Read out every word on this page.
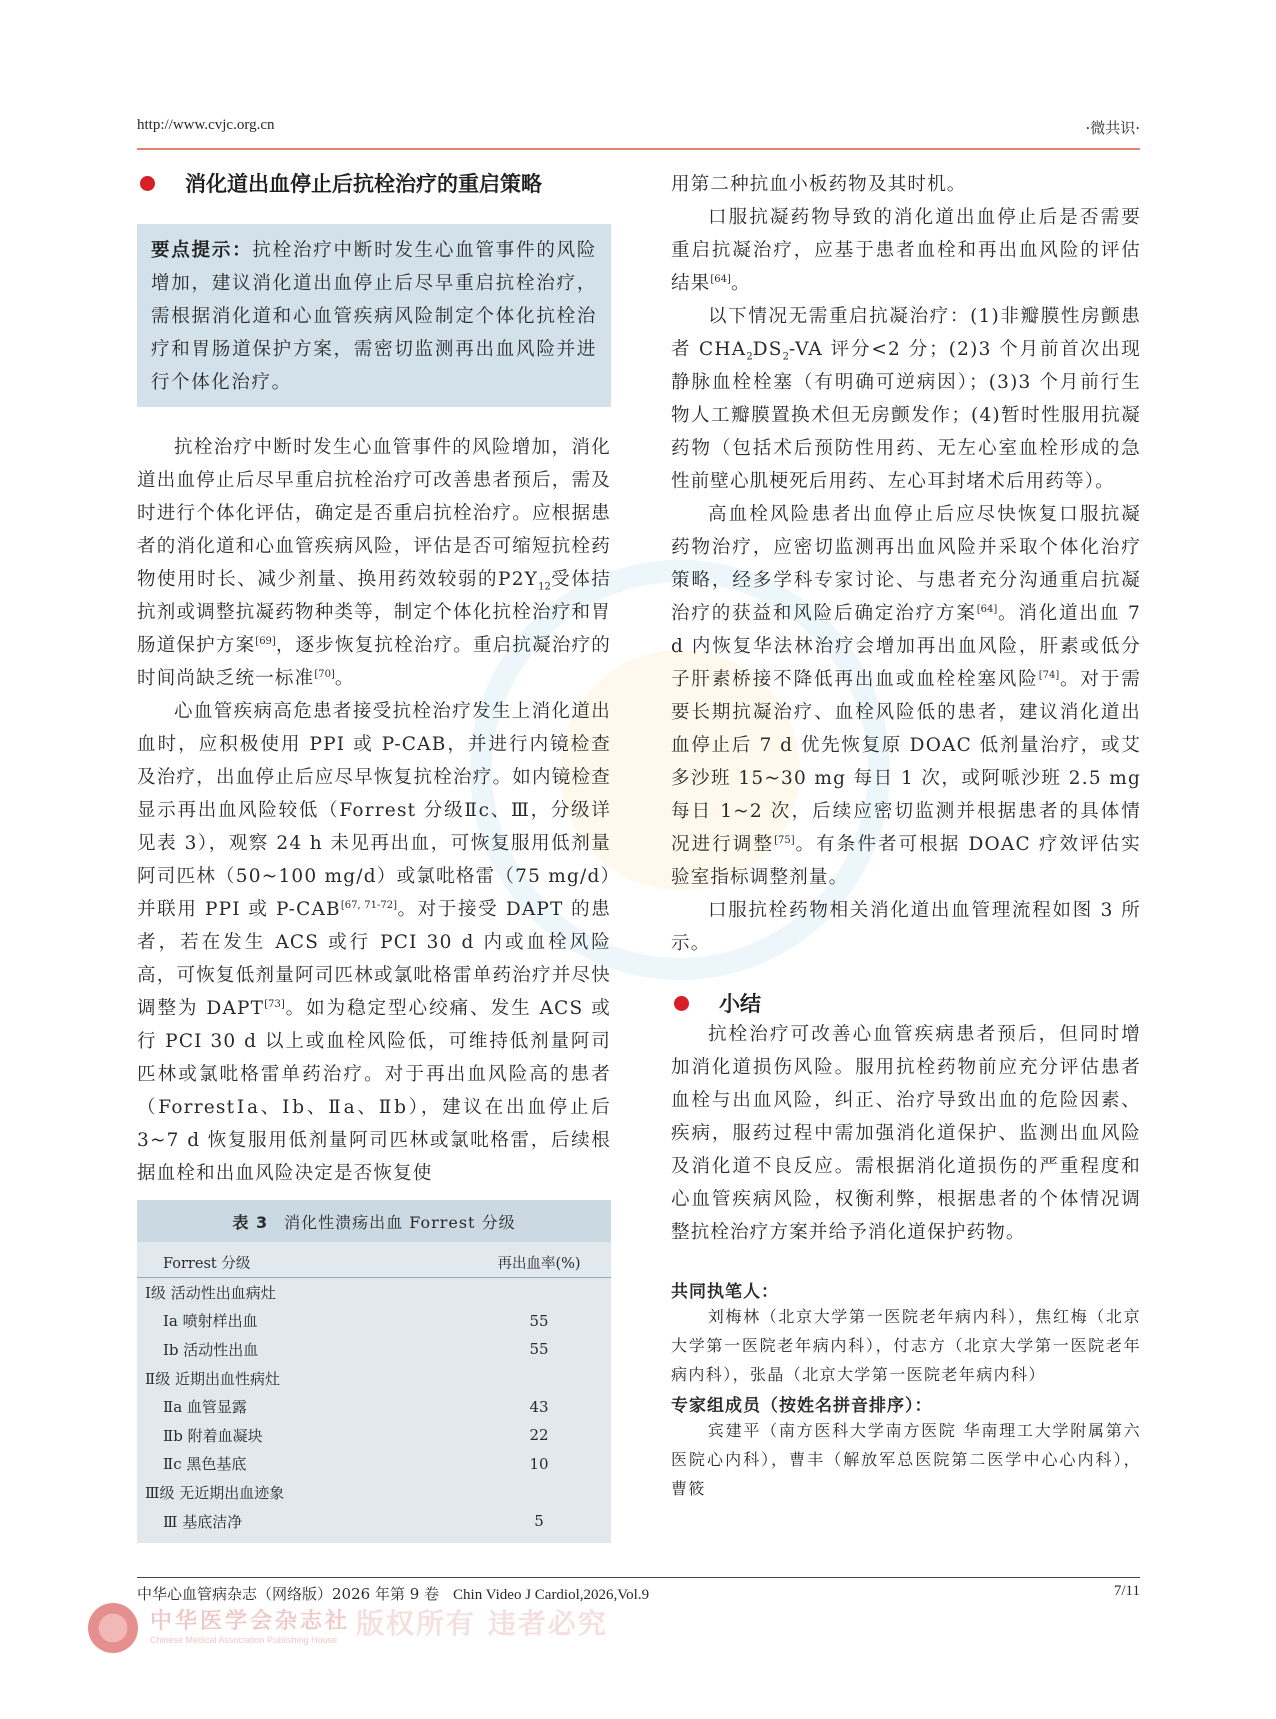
http://www.cvjc.org.cn	·微共识·
消化道出血停止后抗栓治疗的重启策略
要点提示：抗栓治疗中断时发生心血管事件的风险增加，建议消化道出血停止后尽早重启抗栓治疗，需根据消化道和心血管疾病风险制定个体化抗栓治疗和胃肠道保护方案，需密切监测再出血风险并进行个体化治疗。
抗栓治疗中断时发生心血管事件的风险增加，消化道出血停止后尽早重启抗栓治疗可改善患者预后，需及时进行个体化评估，确定是否重启抗栓治疗。应根据患者的消化道和心血管疾病风险，评估是否可缩短抗栓药物使用时长、减少剂量、换用药效较弱的$P2Y_{12}$受体拮抗剂或调整抗凝药物种类等，制定个体化抗栓治疗和胃肠道保护方案[69]，逐步恢复抗栓治疗。重启抗凝治疗的时间尚缺乏统一标准[70]。
心血管疾病高危患者接受抗栓治疗发生上消化道出血时，应积极使用 PPI 或 P-CAB，并进行内镜检查及治疗，出血停止后应尽早恢复抗栓治疗。如内镜检查显示再出血风险较低（Forrest 分级Ⅱc、Ⅲ，分级详见表 3），观察 24 h 未见再出血，可恢复服用低剂量阿司匹林（50~100 mg/d）或氯吡格雷（75 mg/d）并联用 PPI 或 P-CAB[67, 71-72]。对于接受 DAPT 的患者，若在发生 ACS 或行 PCI 30 d 内或血栓风险高，可恢复低剂量阿司匹林或氯吡格雷单药治疗并尽快调整为 DAPT[73]。如为稳定型心绞痛、发生 ACS 或行 PCI 30 d 以上或血栓风险低，可维持低剂量阿司匹林或氯吡格雷单药治疗。对于再出血风险高的患者（ForrestⅠa、Ⅰb、Ⅱa、Ⅱb），建议在出血停止后 3~7 d 恢复服用低剂量阿司匹林或氯吡格雷，后续根据血栓和出血风险决定是否恢复使
表 3 消化性溃疡出血 Forrest 分级
Forrest 分级	再出血率(%)
Ⅰ级 活动性出血病灶
Ⅰa 喷射样出血	55
Ⅰb 活动性出血	55
Ⅱ级 近期出血性病灶
Ⅱa 血管显露	43
Ⅱb 附着血凝块	22
Ⅱc 黑色基底	10
Ⅲ级 无近期出血迹象
Ⅲ 基底洁净	5
用第二种抗血小板药物及其时机。
口服抗凝药物导致的消化道出血停止后是否需要重启抗凝治疗，应基于患者血栓和再出血风险的评估结果[64]。
以下情况无需重启抗凝治疗：(1)非瓣膜性房颤患者 $CHA_2DS_2-VA$ 评分<2 分；(2)3 个月前首次出现静脉血栓栓塞（有明确可逆病因）；(3)3 个月前行生物人工瓣膜置换术但无房颤发作；(4)暂时性服用抗凝药物（包括术后预防性用药、无左心室血栓形成的急性前壁心肌梗死后用药、左心耳封堵术后用药等）。
高血栓风险患者出血停止后应尽快恢复口服抗凝药物治疗，应密切监测再出血风险并采取个体化治疗策略，经多学科专家讨论、与患者充分沟通重启抗凝治疗的获益和风险后确定治疗方案[64]。消化道出血 7 d 内恢复华法林治疗会增加再出血风险，肝素或低分子肝素桥接不降低再出血或血栓栓塞风险[74]。对于需要长期抗凝治疗、血栓风险低的患者，建议消化道出血停止后 7 d 优先恢复原 DOAC 低剂量治疗，或艾多沙班 15~30 mg 每日 1 次，或阿哌沙班 2.5 mg 每日 1~2 次，后续应密切监测并根据患者的具体情况进行调整[75]。有条件者可根据 DOAC 疗效评估实验室指标调整剂量。
口服抗栓药物相关消化道出血管理流程如图 3 所示。
小结
抗栓治疗可改善心血管疾病患者预后，但同时增加消化道损伤风险。服用抗栓药物前应充分评估患者血栓与出血风险，纠正、治疗导致出血的危险因素、疾病，服药过程中需加强消化道保护、监测出血风险及消化道不良反应。需根据消化道损伤的严重程度和心血管疾病风险，权衡利弊，根据患者的个体情况调整抗栓治疗方案并给予消化道保护药物。
共同执笔人：
刘梅林（北京大学第一医院老年病内科），焦红梅（北京大学第一医院老年病内科），付志方（北京大学第一医院老年病内科），张晶（北京大学第一医院老年病内科）
专家组成员（按姓名拼音排序）：
宾建平（南方医科大学南方医院 华南理工大学附属第六医院心内科），曹丰（解放军总医院第二医学中心心内科），曹筱
中华心血管病杂志（网络版）2026 年第 9 卷 Chin Video J Cardiol,2026,Vol.9	7/11
中华医学会杂志社
Chinese Medical Association Publishing House 版权所有 违者必究
